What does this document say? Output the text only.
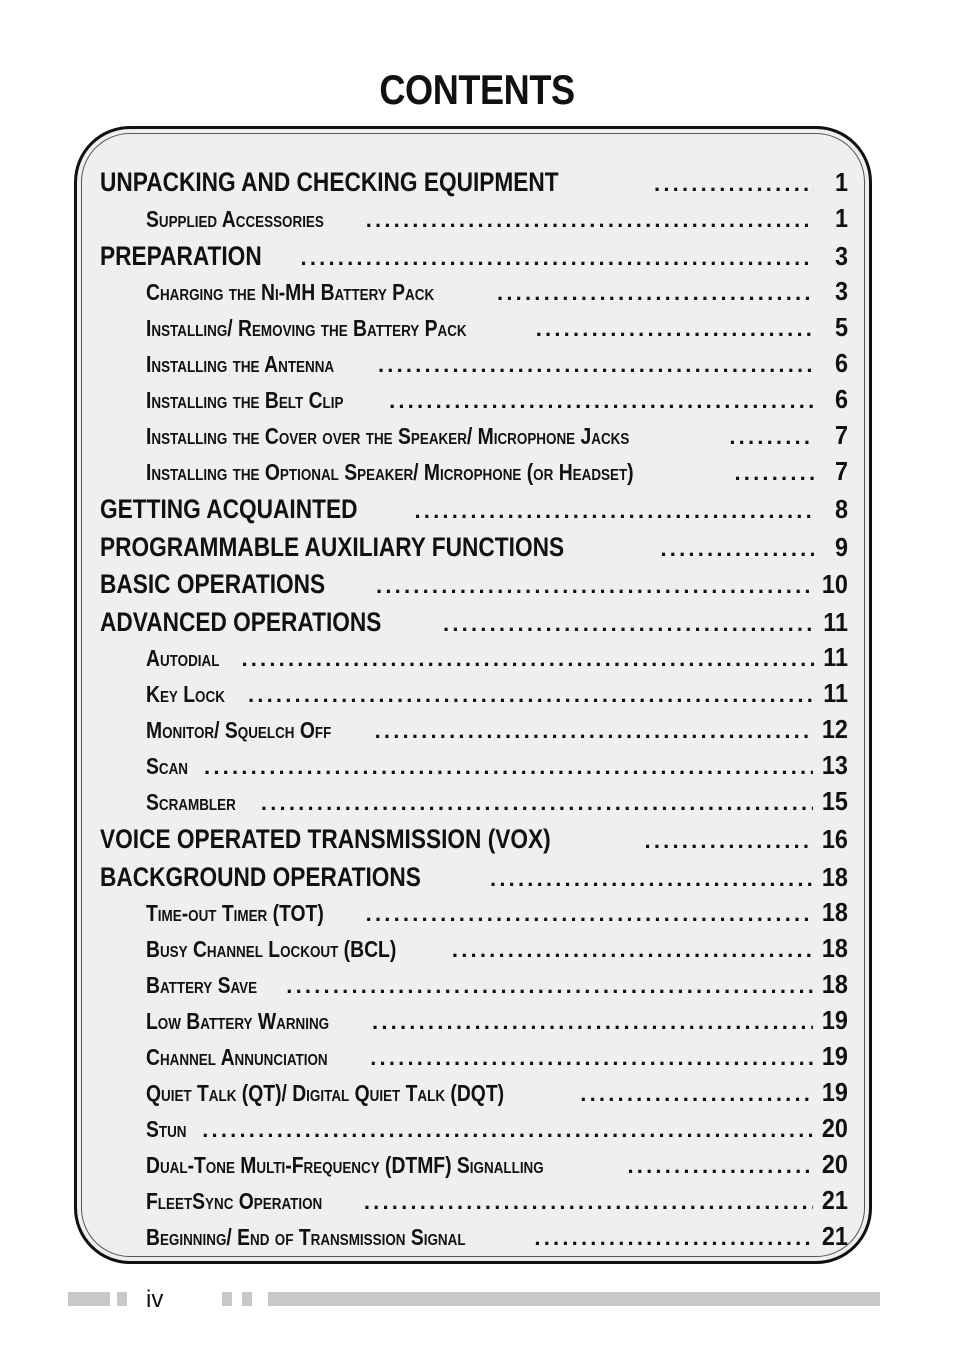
CONTENTS
UNPACKING AND CHECKING EQUIPMENT .....	1
Supplied Accessories .....	1
PREPARATION .....	3
Charging the Ni-MH Battery Pack .....	3
Installing/ Removing the Battery Pack .....	5
Installing the Antenna .....	6
Installing the Belt Clip .....	6
Installing the Cover over the Speaker/ Microphone Jacks .....	7
Installing the Optional Speaker/ Microphone (or Headset) .....	7
GETTING ACQUAINTED .....	8
PROGRAMMABLE AUXILIARY FUNCTIONS .....	9
BASIC OPERATIONS .....	10
ADVANCED OPERATIONS .....	11
Autodial .....	11
Key Lock .....	11
Monitor/ Squelch Off .....	12
Scan .....	13
Scrambler .....	15
VOICE OPERATED TRANSMISSION (VOX) .....	16
BACKGROUND OPERATIONS .....	18
Time-out Timer (TOT) .....	18
Busy Channel Lockout (BCL) .....	18
Battery Save .....	18
Low Battery Warning .....	19
Channel Annunciation .....	19
Quiet Talk (QT)/ Digital Quiet Talk (DQT) .....	19
Stun .....	20
Dual-Tone Multi-Frequency (DTMF) Signalling .....	20
FleetSync Operation .....	21
Beginning/ End of Transmission Signal .....	21
iv
